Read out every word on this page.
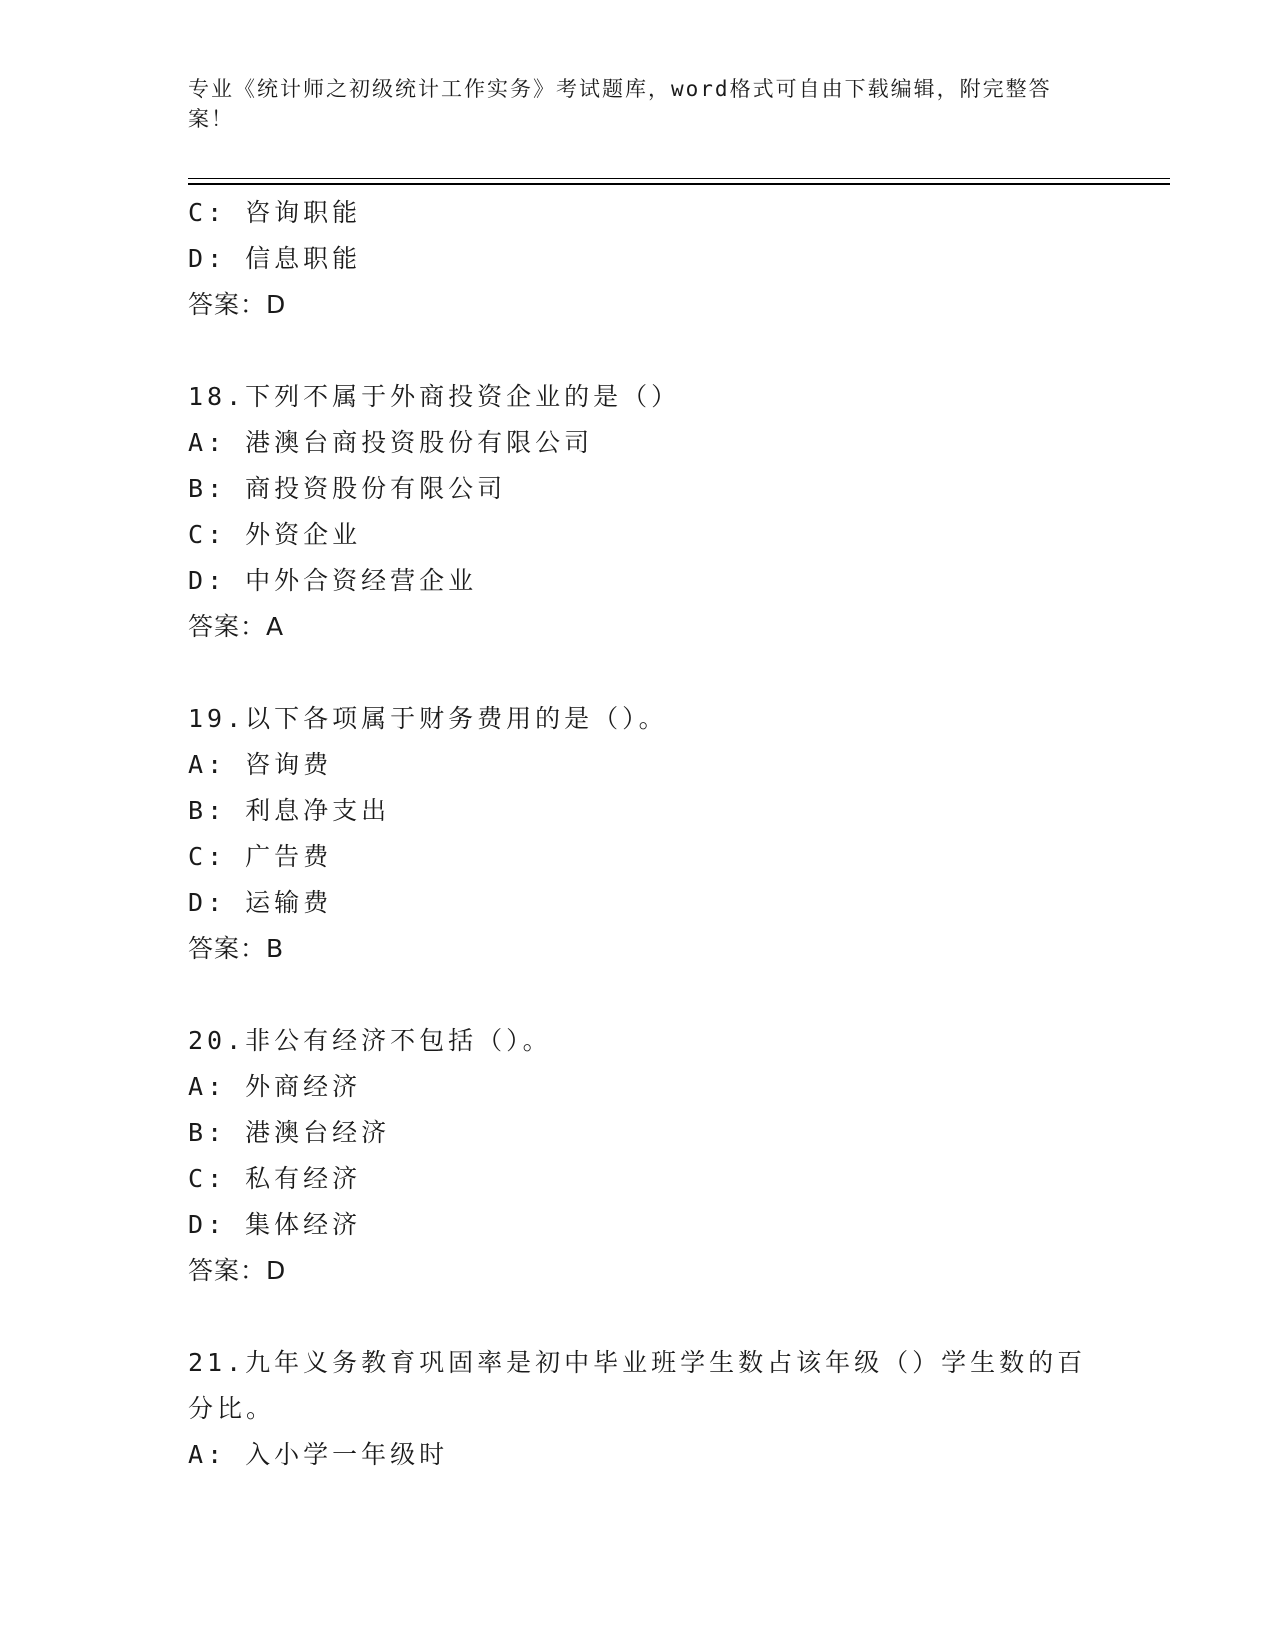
专业《统计师之初级统计工作实务》考试题库，word格式可自由下载编辑，附完整答案！
C: 咨询职能
D: 信息职能
答案：D
18.下列不属于外商投资企业的是（）
A: 港澳台商投资股份有限公司
B: 商投资股份有限公司
C: 外资企业
D: 中外合资经营企业
答案：A
19.以下各项属于财务费用的是（）。
A: 咨询费
B: 利息净支出
C: 广告费
D: 运输费
答案：B
20.非公有经济不包括（）。
A: 外商经济
B: 港澳台经济
C: 私有经济
D: 集体经济
答案：D
21.九年义务教育巩固率是初中毕业班学生数占该年级（）学生数的百
分比。
A: 入小学一年级时
